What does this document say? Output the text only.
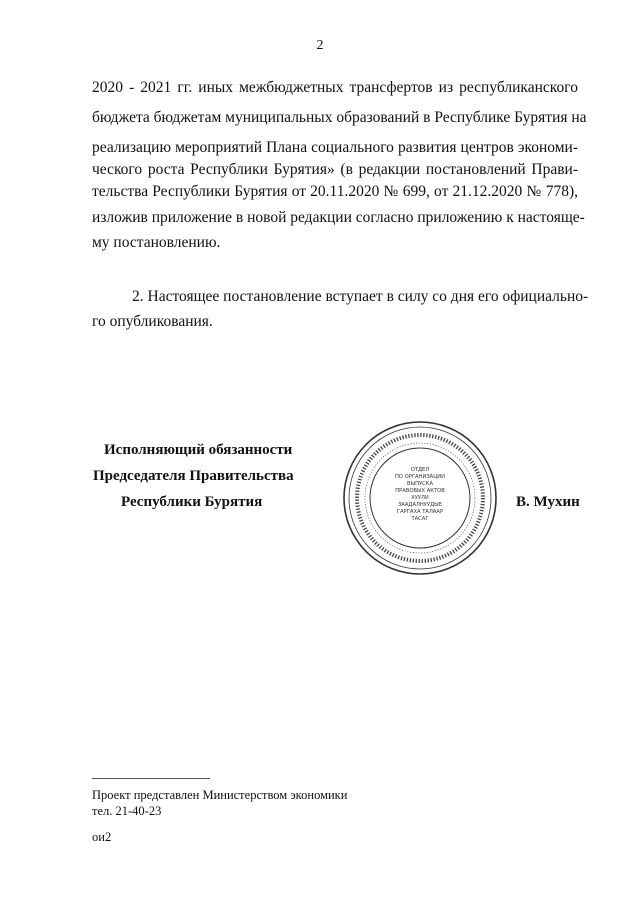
2
2020 - 2021 гг. иных межбюджетных трансфертов из республиканского
бюджета бюджетам муниципальных образований в Республике Бурятия на
реализацию мероприятий Плана социального развития центров экономи-
ческого роста Республики Бурятия» (в редакции постановлений Прави-
тельства Республики Бурятия от 20.11.2020 № 699, от 21.12.2020 № 778),
изложив приложение в новой редакции согласно приложению к настояще-
му постановлению.
2. Настоящее постановление вступает в силу со дня его официально-
го опубликования.
Исполняющий обязанности
Председателя Правительства
Республики Бурятия	В. Мухин
ОТДЕЛ
ПО ОРГАНИЗАЦИИ
ВЫПУСКА
ПРАВОВЫХ АКТОВ
ХУУЛИ
ЗААДАЛНУУДЫЕ
ГАРГАХА ТАЛААР
ТАСАГ
Проект представлен Министерством экономики
тел. 21-40-23
ои2
